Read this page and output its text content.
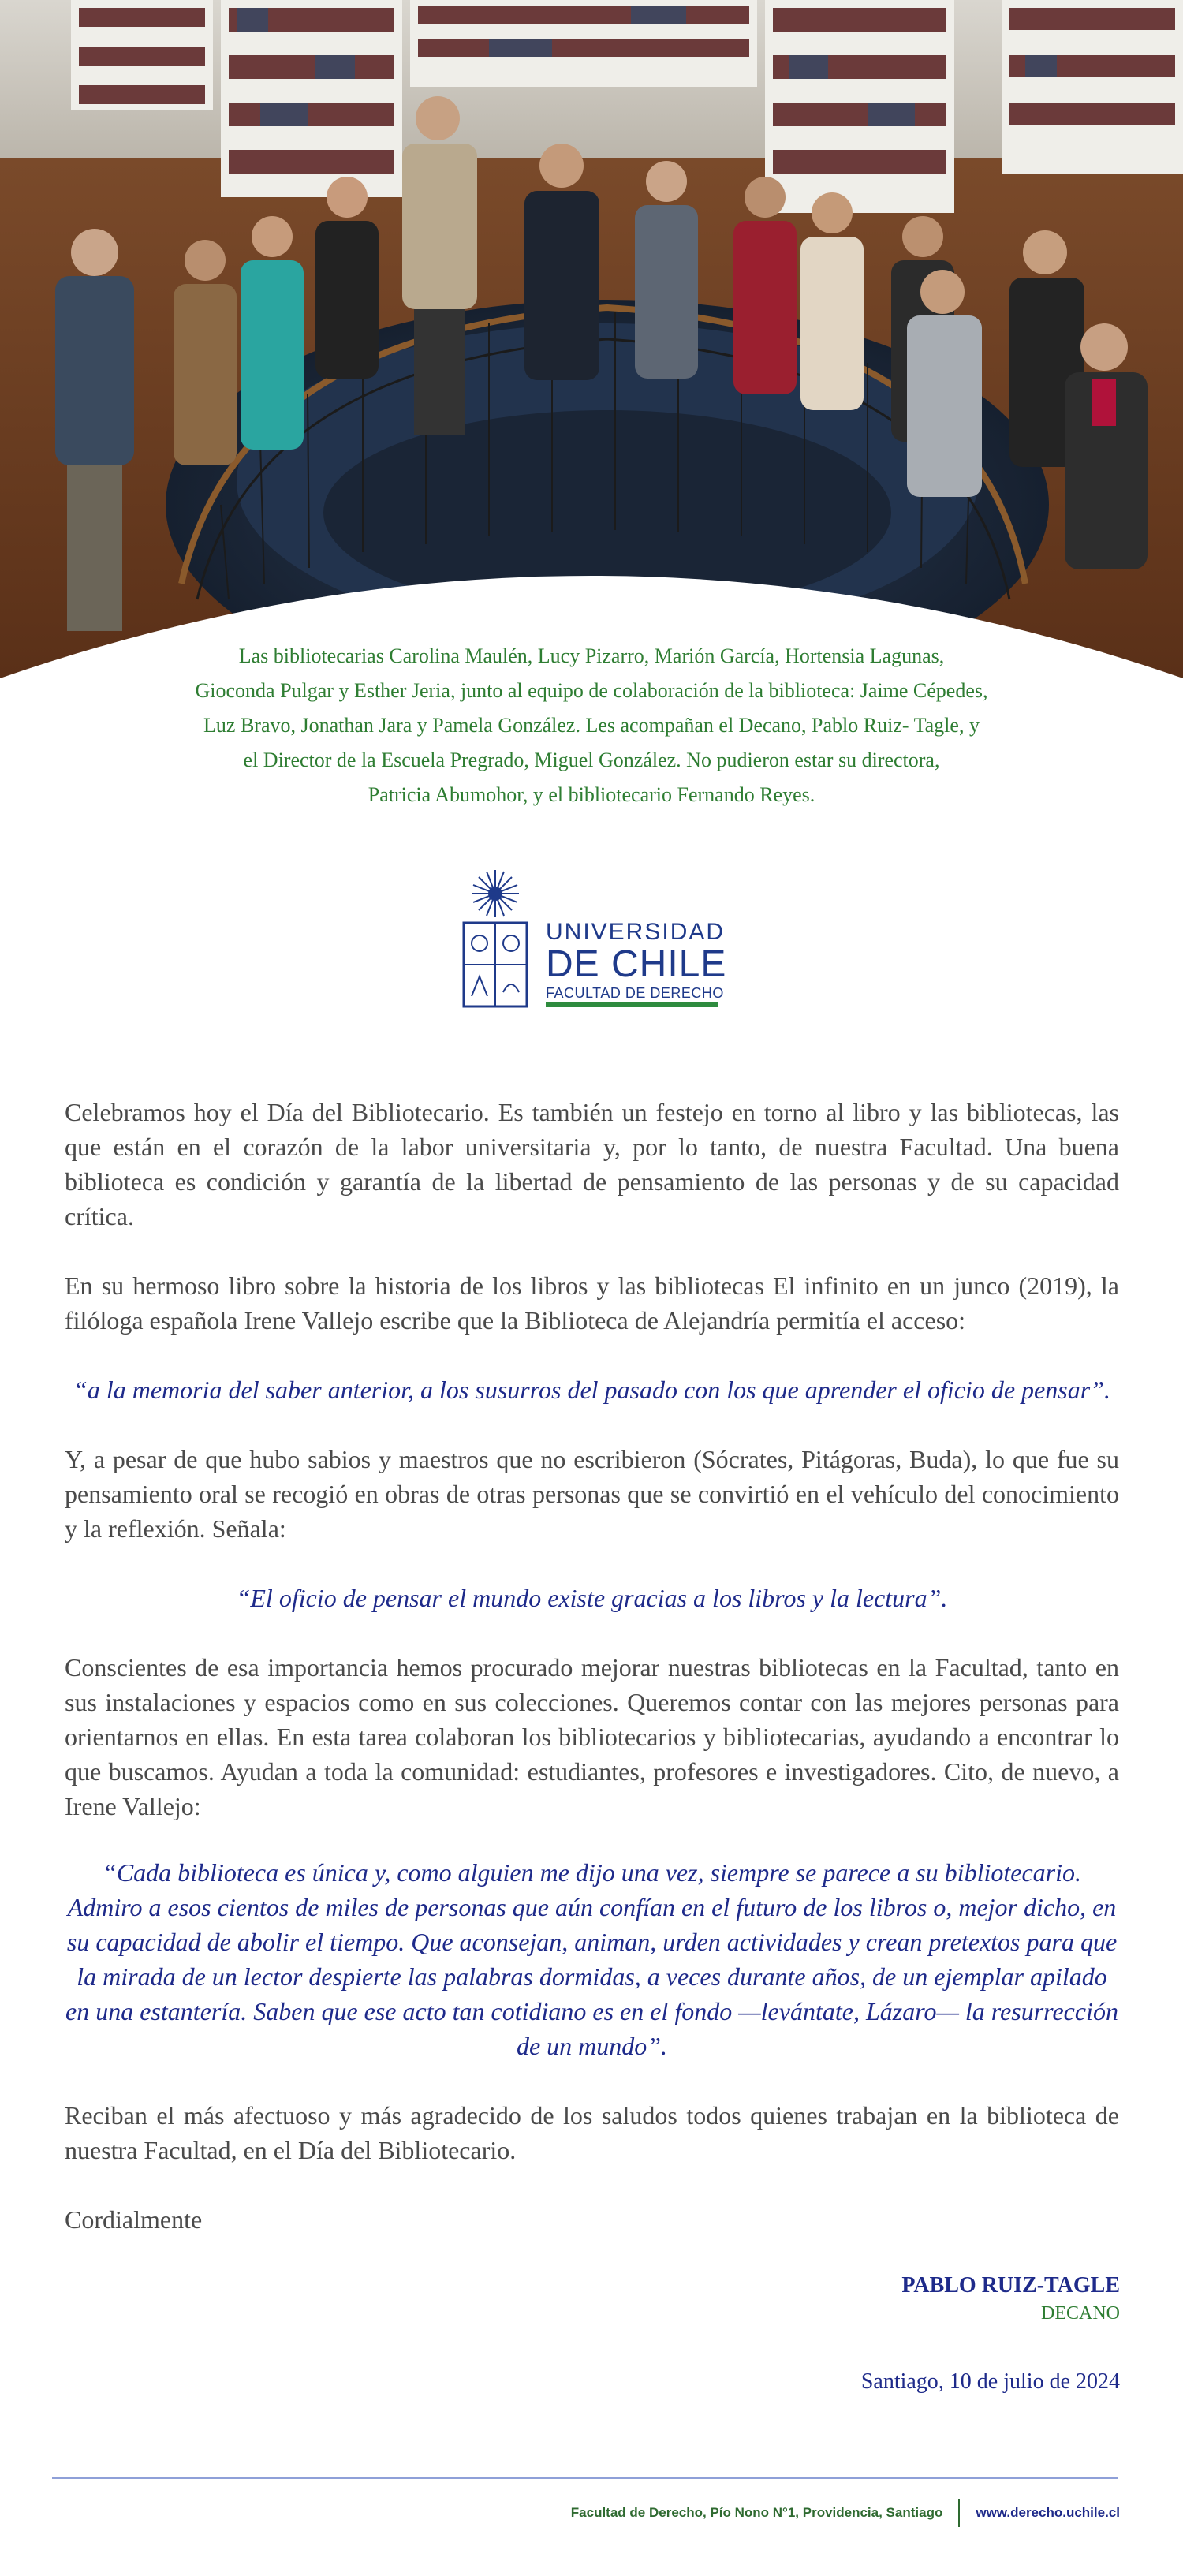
Las bibliotecarias Carolina Maulén, Lucy Pizarro, Marión García, Hortensia Lagunas,
Gioconda Pulgar y Esther Jeria, junto al equipo de colaboración de la biblioteca: Jaime Cépedes,
Luz Bravo, Jonathan Jara y Pamela González. Les acompañan el Decano, Pablo Ruiz- Tagle, y
el Director de la Escuela Pregrado, Miguel González. No pudieron estar su directora,
Patricia Abumohor, y el bibliotecario Fernando Reyes.
UNIVERSIDAD
DE CHILE
FACULTAD DE DERECHO

Celebramos hoy el Día del Bibliotecario. Es también un festejo en torno al libro y las bibliotecas, las que están en el corazón de la labor universitaria y, por lo tanto, de nuestra Facultad. Una buena biblioteca es condición y garantía de la libertad de pensamiento de las personas y de su capacidad crítica.

En su hermoso libro sobre la historia de los libros y las bibliotecas El infinito en un junco (2019), la filóloga española Irene Vallejo escribe que la Biblioteca de Alejandría permitía el acceso:

“a la memoria del saber anterior, a los susurros del pasado con los que aprender el oficio de pensar”.

Y, a pesar de que hubo sabios y maestros que no escribieron (Sócrates, Pitágoras, Buda), lo que fue su pensamiento oral se recogió en obras de otras personas que se convirtió en el vehículo del conocimiento y la reflexión. Señala:

“El oficio de pensar el mundo existe gracias a los libros y la lectura”.

Conscientes de esa importancia hemos procurado mejorar nuestras bibliotecas en la Facultad, tanto en sus instalaciones y espacios como en sus colecciones. Queremos contar con las mejores personas para orientarnos en ellas. En esta tarea colaboran los bibliotecarios y bibliotecarias, ayudando a encontrar lo que buscamos. Ayudan a toda la comunidad: estudiantes, profesores e investigadores. Cito, de nuevo, a Irene Vallejo:

“Cada biblioteca es única y, como alguien me dijo una vez, siempre se parece a su bibliotecario. Admiro a esos cientos de miles de personas que aún confían en el futuro de los libros o, mejor dicho, en su capacidad de abolir el tiempo. Que aconsejan, animan, urden actividades y crean pretextos para que la mirada de un lector despierte las palabras dormidas, a veces durante años, de un ejemplar apilado en una estantería. Saben que ese acto tan cotidiano es en el fondo —levántate, Lázaro— la resurrección de un mundo”.

Reciban el más afectuoso y más agradecido de los saludos todos quienes trabajan en la biblioteca de nuestra Facultad, en el Día del Bibliotecario.

Cordialmente

PABLO RUIZ-TAGLE
DECANO
Santiago, 10 de julio de 2024
Facultad de Derecho, Pío Nono N°1, Providencia, Santiago www.derecho.uchile.cl
